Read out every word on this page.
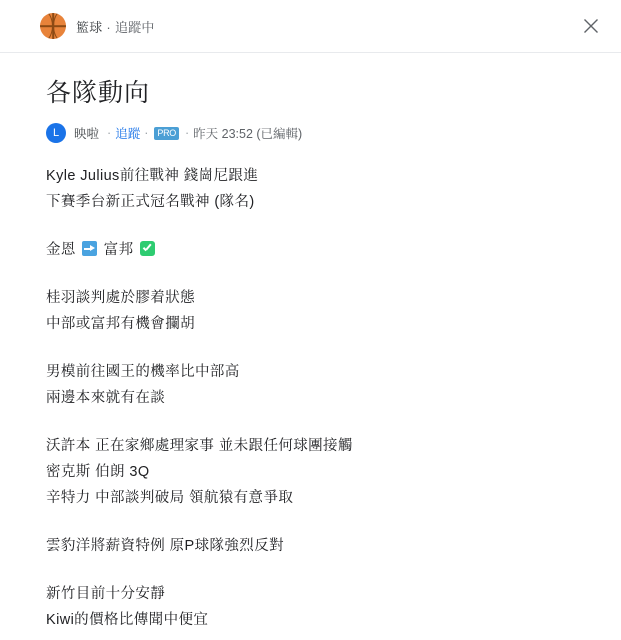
籃球 · 追蹤中
各隊動向
L	映啦 · 追蹤 ·	PRO · 昨天 23:52 (已編輯)
Kyle Julius前往戰神 錢崗尼跟進
下賽季台新正式冠名戰神 (隊名)
金恩  富邦
桂羽談判處於膠着狀態
中部或富邦有機會攔胡
男模前往國王的機率比中部高
兩邊本來就有在談
沃許本 正在家鄉處理家事 並未跟任何球團接觸
密克斯 伯朗 3Q
辛特力 中部談判破局 領航猿有意爭取
雲豹洋將薪資特例 原P球隊強烈反對
新竹目前十分安靜
Kiwi的價格比傳聞中便宜
